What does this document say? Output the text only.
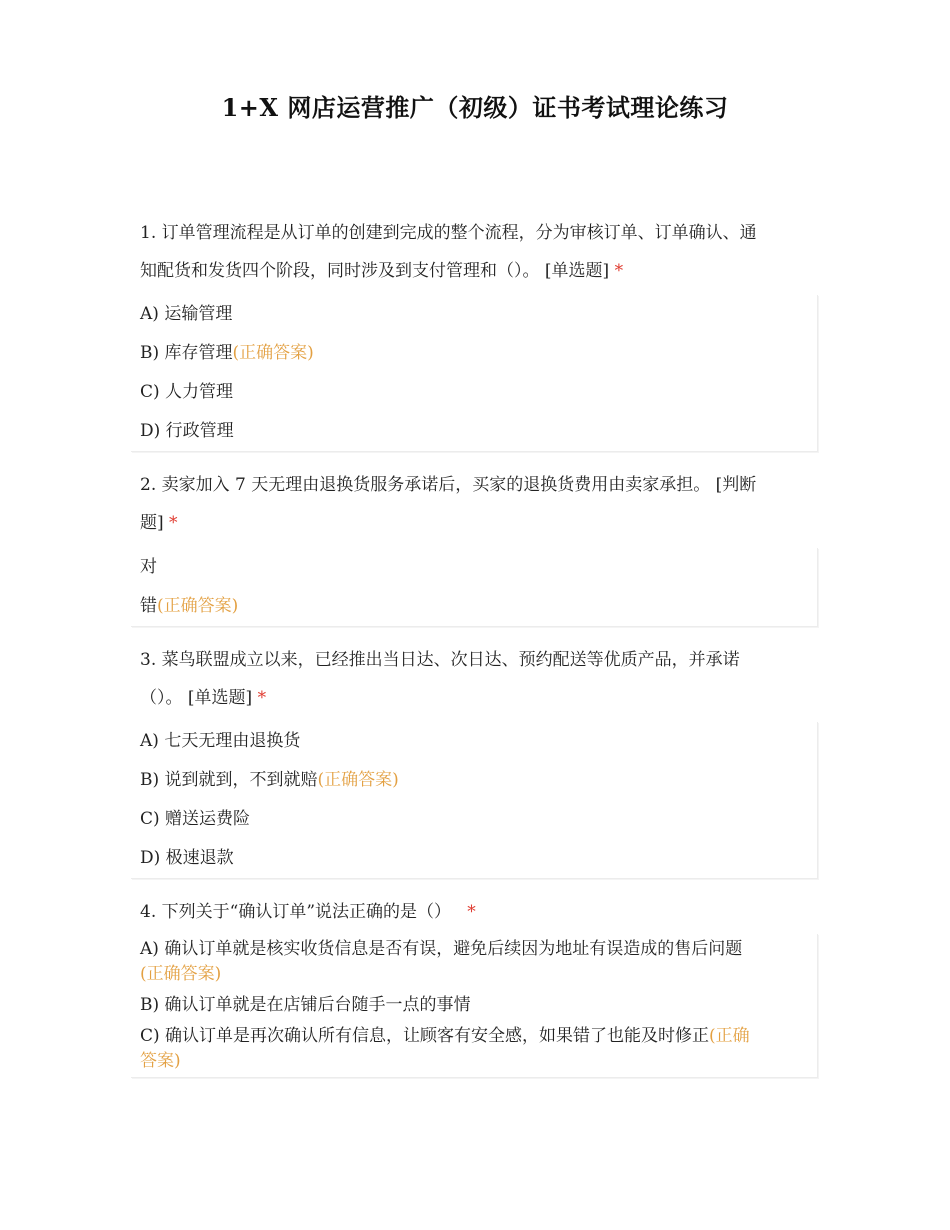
1+X 网店运营推广（初级）证书考试理论练习
1. 订单管理流程是从订单的创建到完成的整个流程，分为审核订单、订单确认、通
知配货和发货四个阶段，同时涉及到支付管理和（）。 [单选题] *
A) 运输管理
B) 库存管理(正确答案)
C) 人力管理
D) 行政管理
2. 卖家加入 7 天无理由退换货服务承诺后，买家的退换货费用由卖家承担。 [判断
题] *
对
错(正确答案)
3. 菜鸟联盟成立以来，已经推出当日达、次日达、预约配送等优质产品，并承诺
（）。 [单选题] *
A) 七天无理由退换货
B) 说到就到，不到就赔(正确答案)
C) 赠送运费险
D) 极速退款
4. 下列关于“确认订单”说法正确的是（） *
A) 确认订单就是核实收货信息是否有误，避免后续因为地址有误造成的售后问题
(正确答案)
B) 确认订单就是在店铺后台随手一点的事情
C) 确认订单是再次确认所有信息，让顾客有安全感，如果错了也能及时修正(正确
答案)
